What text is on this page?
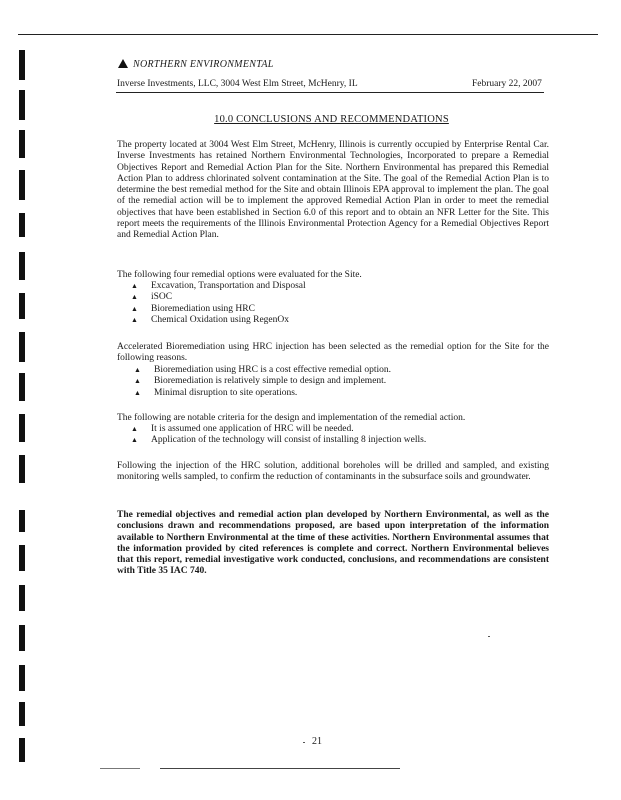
NORTHERN ENVIRONMENTAL
Inverse Investments, LLC, 3004 West Elm Street, McHenry, IL	February 22, 2007
10.0 CONCLUSIONS AND RECOMMENDATIONS
The property located at 3004 West Elm Street, McHenry, Illinois is currently occupied by Enterprise Rental Car. Inverse Investments has retained Northern Environmental Technologies, Incorporated to prepare a Remedial Objectives Report and Remedial Action Plan for the Site. Northern Environmental has prepared this Remedial Action Plan to address chlorinated solvent contamination at the Site. The goal of the Remedial Action Plan is to determine the best remedial method for the Site and obtain Illinois EPA approval to implement the plan. The goal of the remedial action will be to implement the approved Remedial Action Plan in order to meet the remedial objectives that have been established in Section 6.0 of this report and to obtain an NFR Letter for the Site. This report meets the requirements of the Illinois Environmental Protection Agency for a Remedial Objectives Report and Remedial Action Plan.
The following four remedial options were evaluated for the Site.
▲ Excavation, Transportation and Disposal
▲ iSOC
▲ Bioremediation using HRC
▲ Chemical Oxidation using RegenOx
Accelerated Bioremediation using HRC injection has been selected as the remedial option for the Site for the following reasons.
▲ Bioremediation using HRC is a cost effective remedial option.
▲ Bioremediation is relatively simple to design and implement.
▲ Minimal disruption to site operations.
The following are notable criteria for the design and implementation of the remedial action.
▲ It is assumed one application of HRC will be needed.
▲ Application of the technology will consist of installing 8 injection wells.
Following the injection of the HRC solution, additional boreholes will be drilled and sampled, and existing monitoring wells sampled, to confirm the reduction of contaminants in the subsurface soils and groundwater.
The remedial objectives and remedial action plan developed by Northern Environmental, as well as the conclusions drawn and recommendations proposed, are based upon interpretation of the information available to Northern Environmental at the time of these activities. Northern Environmental assumes that the information provided by cited references is complete and correct. Northern Environmental believes that this report, remedial investigative work conducted, conclusions, and recommendations are consistent with Title 35 IAC 740.
21
